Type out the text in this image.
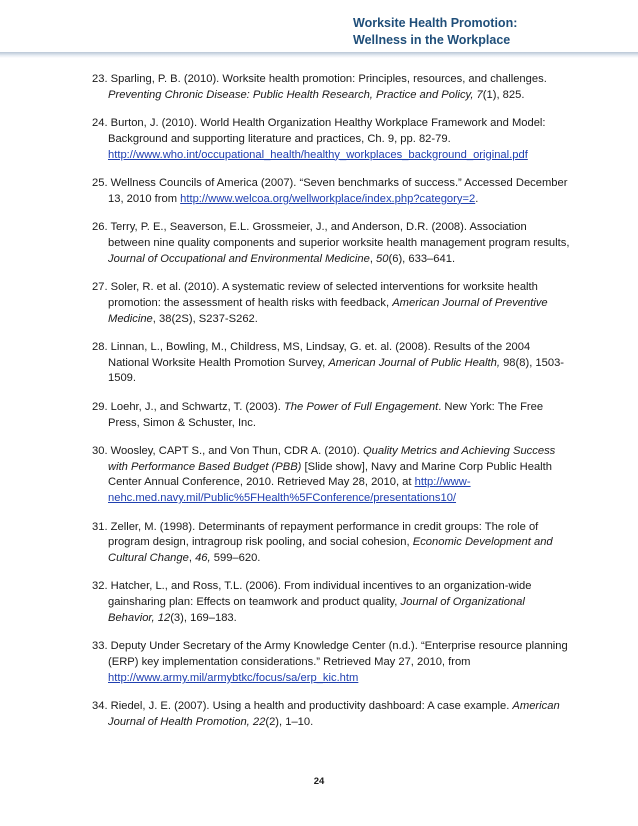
Worksite Health Promotion:
Wellness in the Workplace
23. Sparling, P. B. (2010). Worksite health promotion: Principles, resources, and challenges. Preventing Chronic Disease: Public Health Research, Practice and Policy, 7(1), 825.
24. Burton, J. (2010). World Health Organization Healthy Workplace Framework and Model: Background and supporting literature and practices, Ch. 9, pp. 82-79. http://www.who.int/occupational_health/healthy_workplaces_background_original.pdf
25. Wellness Councils of America (2007). “Seven benchmarks of success.” Accessed December 13, 2010 from http://www.welcoa.org/wellworkplace/index.php?category=2.
26. Terry, P. E., Seaverson, E.L. Grossmeier, J., and Anderson, D.R. (2008). Association between nine quality components and superior worksite health management program results, Journal of Occupational and Environmental Medicine, 50(6), 633–641.
27. Soler, R. et al. (2010). A systematic review of selected interventions for worksite health promotion: the assessment of health risks with feedback, American Journal of Preventive Medicine, 38(2S), S237-S262.
28. Linnan, L., Bowling, M., Childress, MS, Lindsay, G. et. al. (2008). Results of the 2004 National Worksite Health Promotion Survey, American Journal of Public Health, 98(8), 1503-1509.
29. Loehr, J., and Schwartz, T. (2003). The Power of Full Engagement. New York: The Free Press, Simon & Schuster, Inc.
30. Woosley, CAPT S., and Von Thun, CDR A. (2010). Quality Metrics and Achieving Success with Performance Based Budget (PBB) [Slide show], Navy and Marine Corp Public Health Center Annual Conference, 2010. Retrieved May 28, 2010, at http://www-nehc.med.navy.mil/Public%5FHealth%5FConference/presentations10/
31. Zeller, M. (1998). Determinants of repayment performance in credit groups: The role of program design, intragroup risk pooling, and social cohesion, Economic Development and Cultural Change, 46, 599–620.
32. Hatcher, L., and Ross, T.L. (2006). From individual incentives to an organization-wide gainsharing plan: Effects on teamwork and product quality, Journal of Organizational Behavior, 12(3), 169–183.
33. Deputy Under Secretary of the Army Knowledge Center (n.d.). “Enterprise resource planning (ERP) key implementation considerations.” Retrieved May 27, 2010, from http://www.army.mil/armybtkc/focus/sa/erp_kic.htm
34. Riedel, J. E. (2007). Using a health and productivity dashboard: A case example. American Journal of Health Promotion, 22(2), 1–10.
24
